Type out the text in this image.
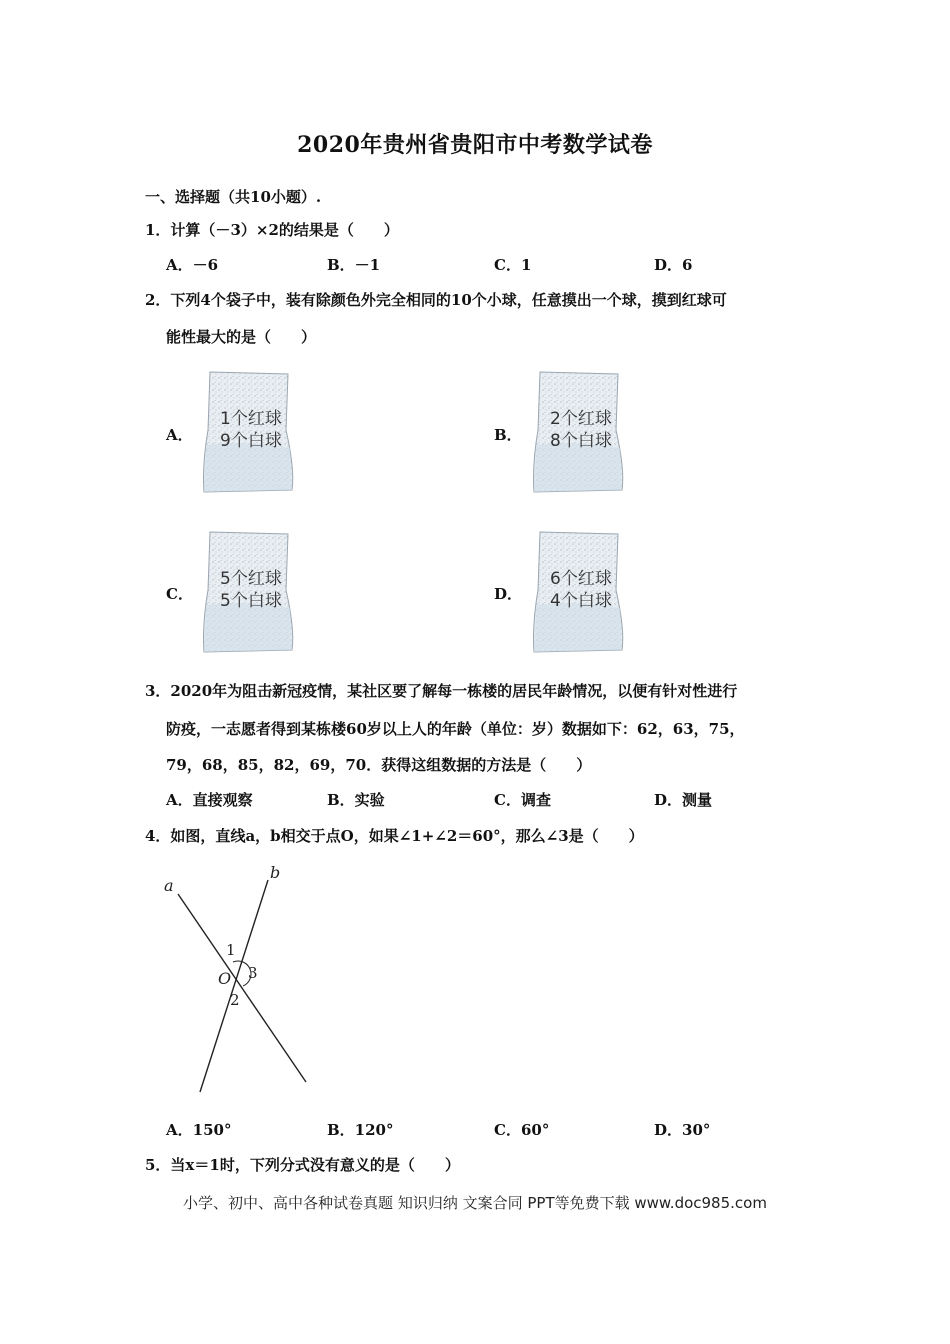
2020年贵州省贵阳市中考数学试卷
一、选择题（共10小题）.
1．计算（－3）×2的结果是（　　）
A．－6	B．－1	C．1	D．6
2．下列4个袋子中，装有除颜色外完全相同的10个小球，任意摸出一个球，摸到红球可
能性最大的是（　　）
A．
1个红球
9个白球	B．
2个红球
8个白球
C．
5个红球
5个白球	D．
6个红球
4个白球
3．2020年为阻击新冠疫情，某社区要了解每一栋楼的居民年龄情况，以便有针对性进行
防疫，一志愿者得到某栋楼60岁以上人的年龄（单位：岁）数据如下：62，63，75，
79，68，85，82，69，70．获得这组数据的方法是（　　）
A．直接观察	B．实验	C．调查	D．测量
4．如图，直线a，b相交于点O，如果∠1+∠2＝60°，那么∠3是（　　）
a
b
O
1
2
3
A．150°	B．120°	C．60°	D．30°
5．当x＝1时，下列分式没有意义的是（　　）
小学、初中、高中各种试卷真题 知识归纳 文案合同 PPT等免费下载 www.doc985.com
